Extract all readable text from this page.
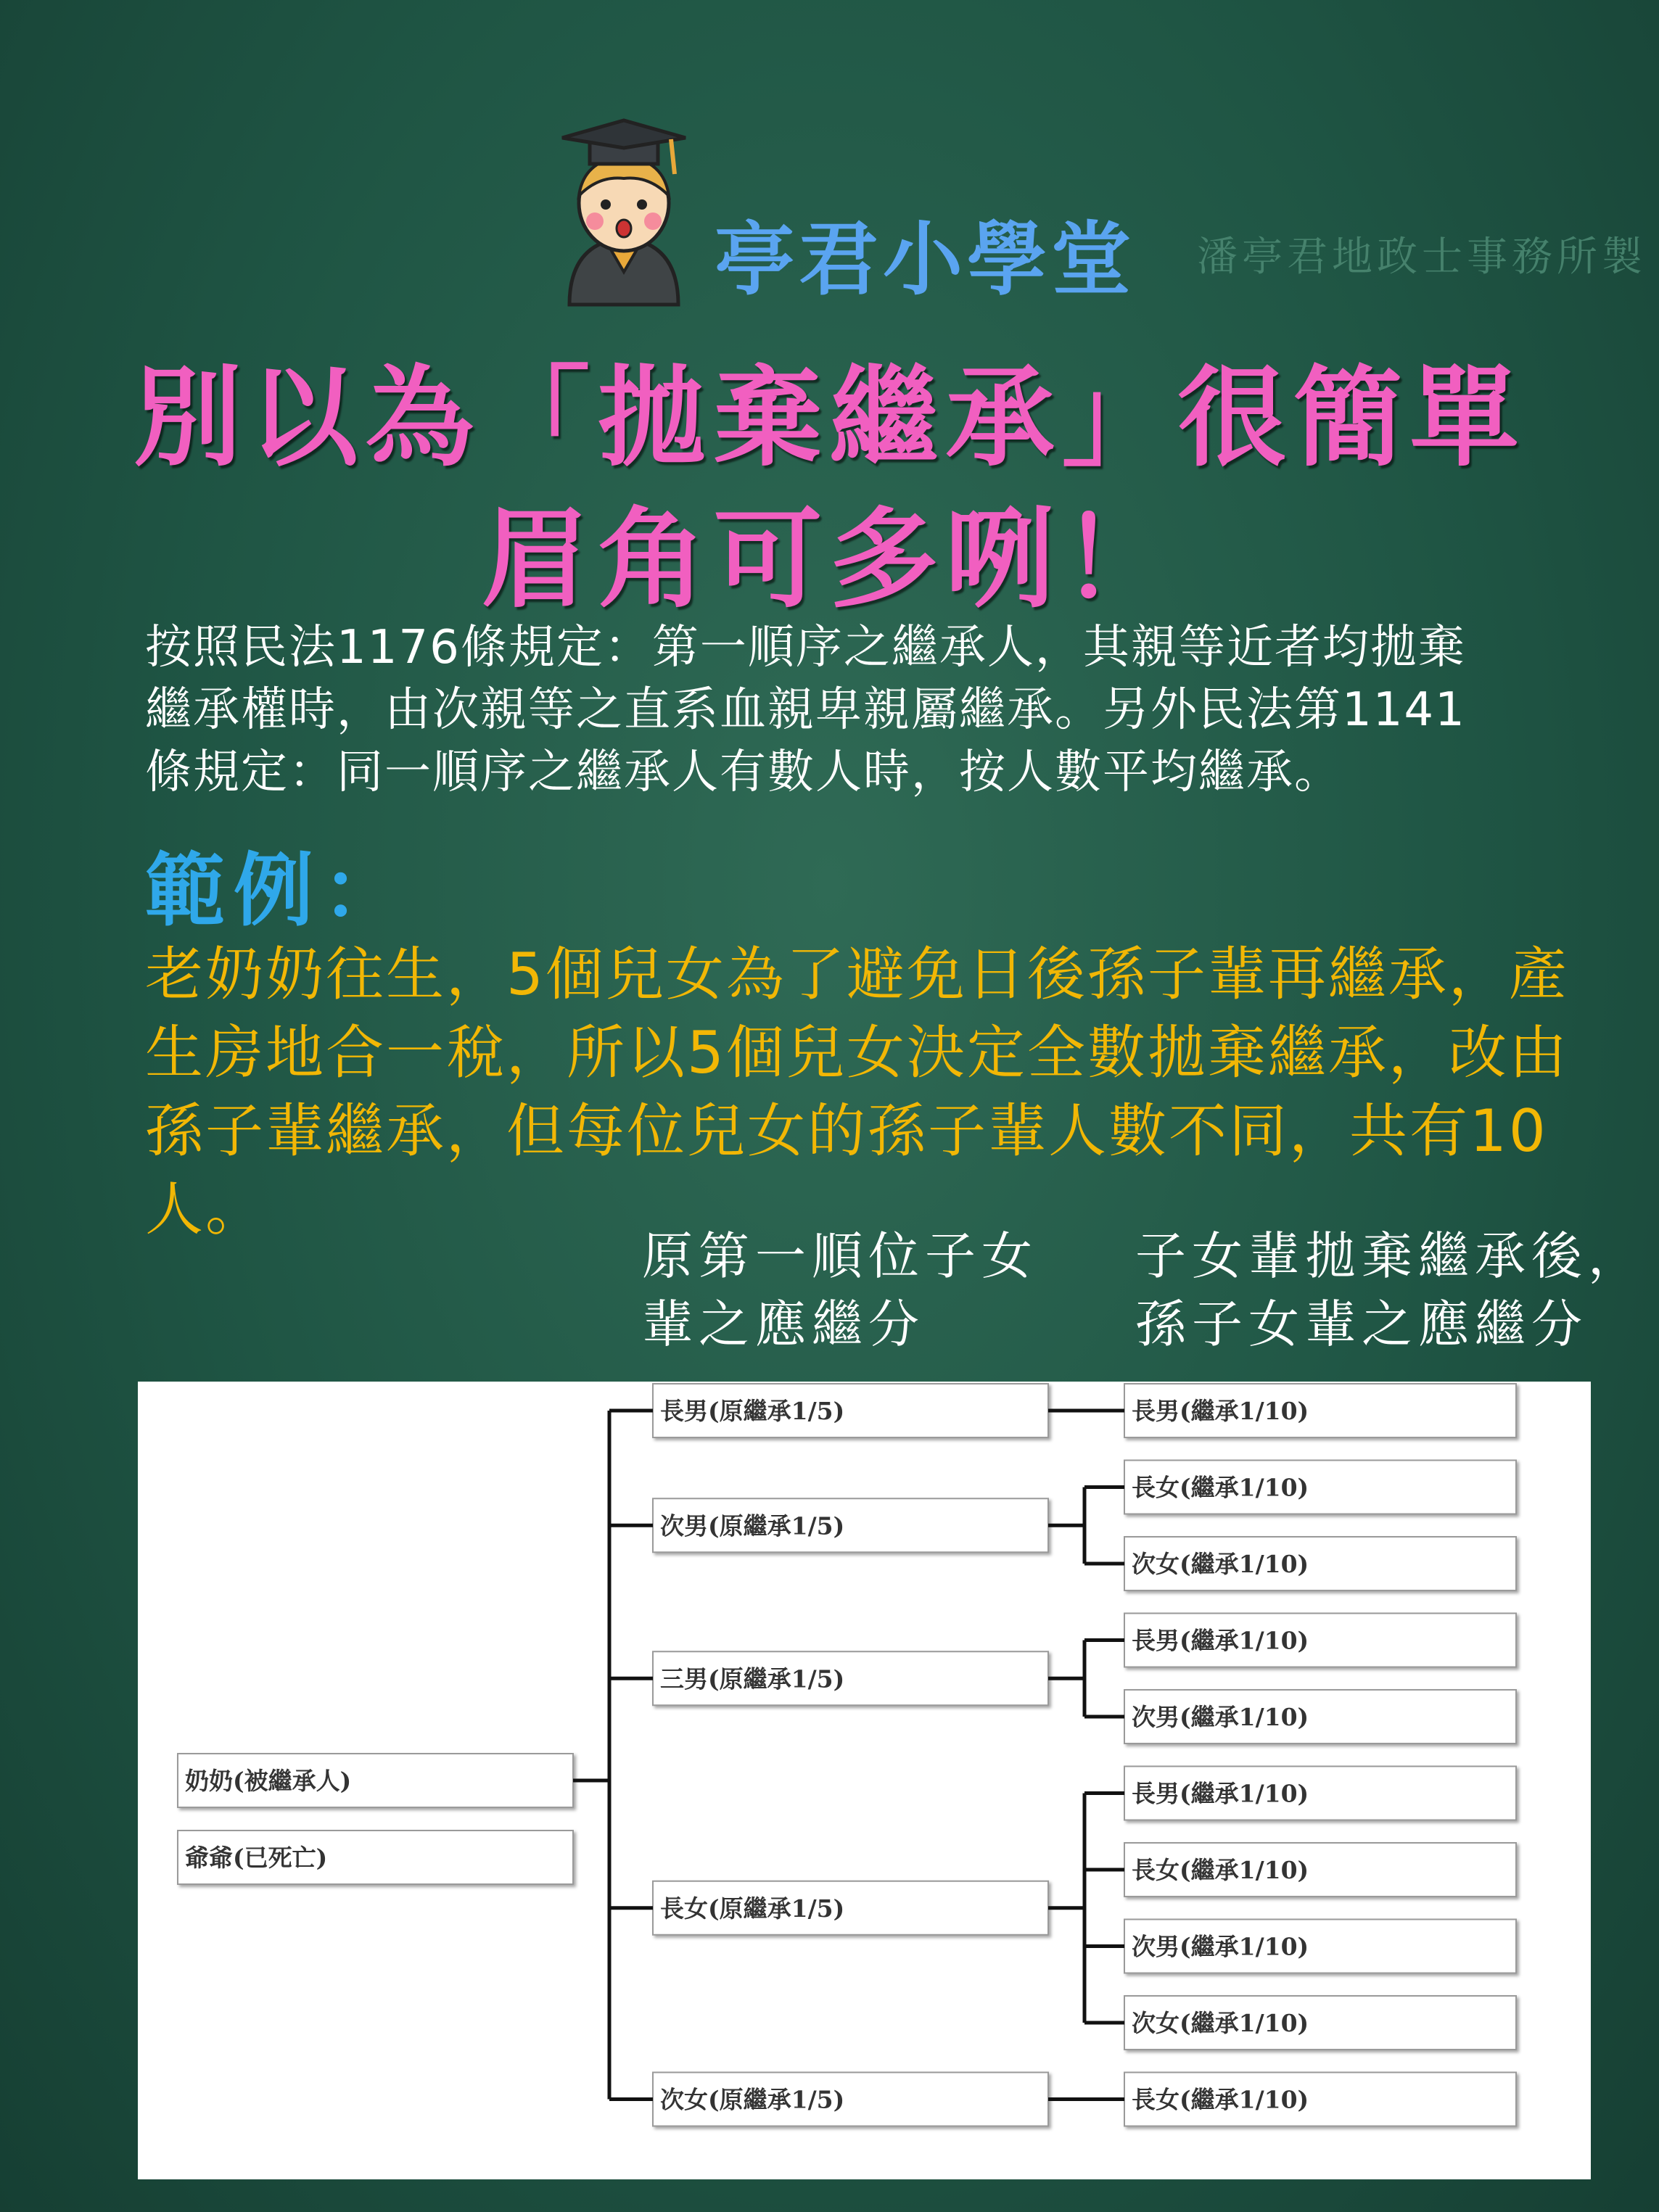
亭君小學堂 潘亭君地政士事務所製
別以為「拋棄繼承」很簡單
眉角可多咧！
按照民法1176條規定：第一順序之繼承人，其親等近者均拋棄
繼承權時，由次親等之直系血親卑親屬繼承。另外民法第1141
條規定：同一順序之繼承人有數人時，按人數平均繼承。
範例：
老奶奶往生，5個兒女為了避免日後孫子輩再繼承，產
生房地合一稅，所以5個兒女決定全數拋棄繼承，改由
孫子輩繼承，但每位兒女的孫子輩人數不同，共有10
人。
原第一順位子女
輩之應繼分
子女輩拋棄繼承後，
孫子女輩之應繼分
長男(原繼承1/5)	長男(繼承1/10)
次男(原繼承1/5)
長女(繼承1/10)
次女(繼承1/10)
三男(原繼承1/5)
長男(繼承1/10)
次男(繼承1/10)
長女(原繼承1/5)
長男(繼承1/10)
長女(繼承1/10)
次男(繼承1/10)
次女(繼承1/10)
次女(原繼承1/5)	長女(繼承1/10)
奶奶(被繼承人)
爺爺(已死亡)
